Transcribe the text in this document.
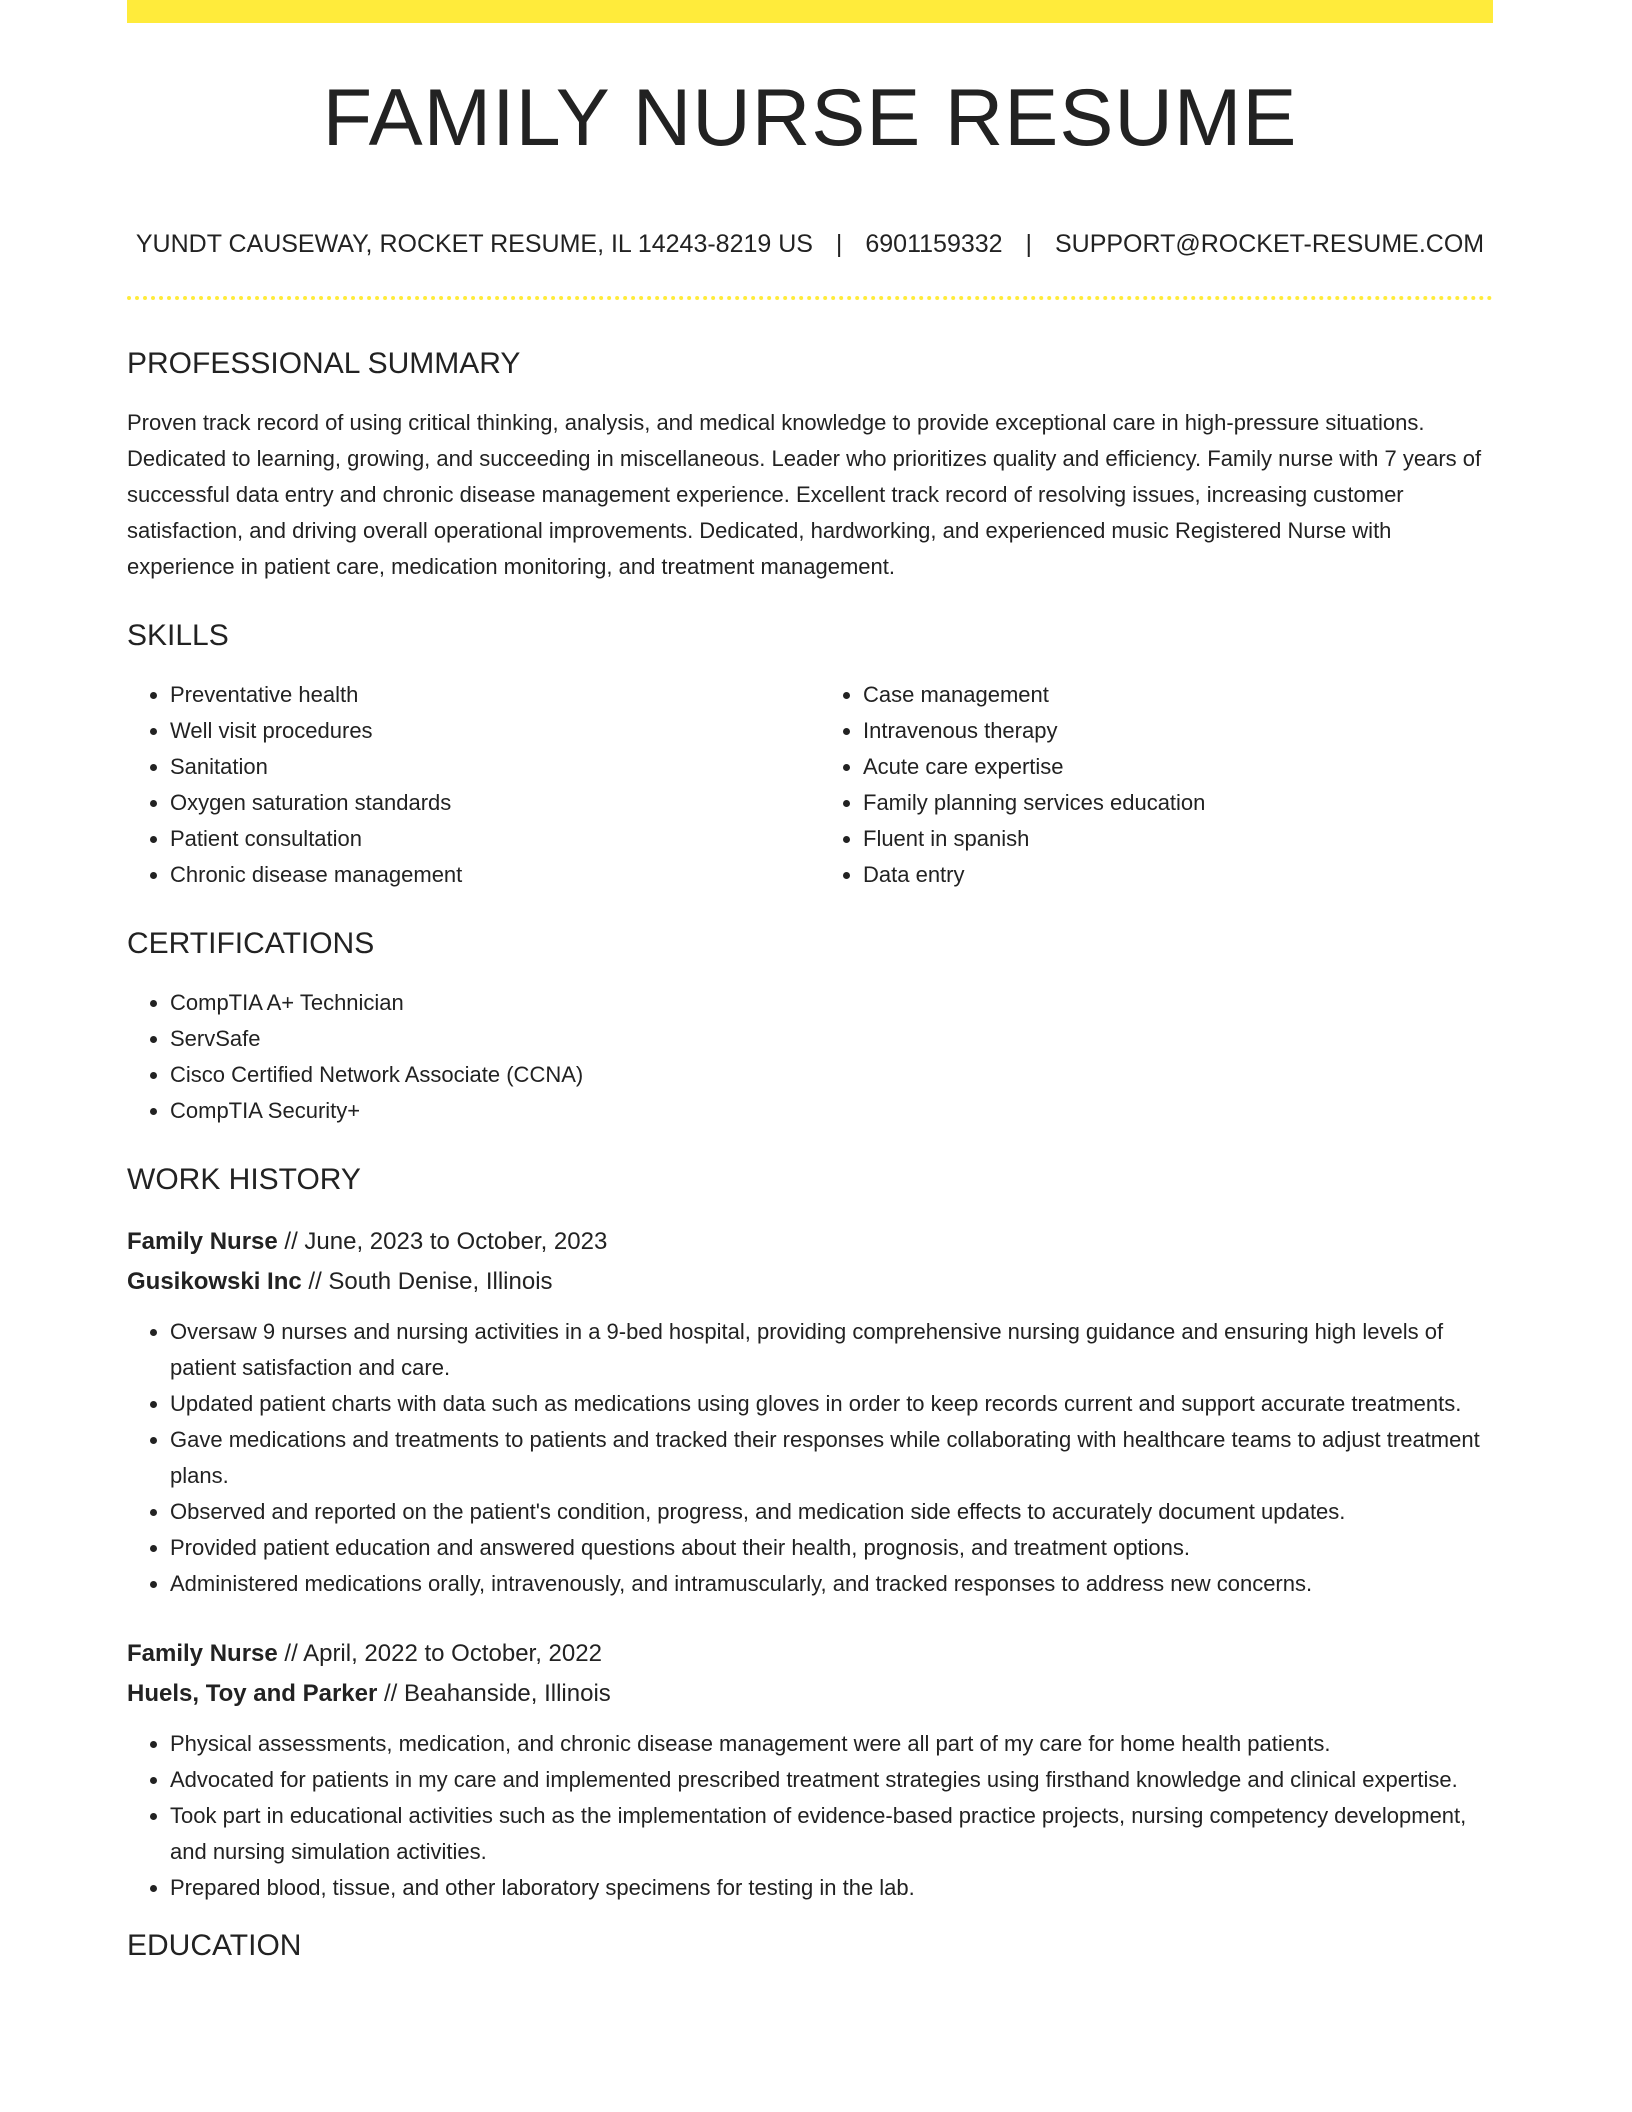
FAMILY NURSE RESUME
YUNDT CAUSEWAY, ROCKET RESUME, IL 14243-8219 US | 6901159332 | SUPPORT@ROCKET-RESUME.COM
PROFESSIONAL SUMMARY

Proven track record of using critical thinking, analysis, and medical knowledge to provide exceptional care in high-pressure situations. Dedicated to learning, growing, and succeeding in miscellaneous. Leader who prioritizes quality and efficiency. Family nurse with 7 years of successful data entry and chronic disease management experience. Excellent track record of resolving issues, increasing customer satisfaction, and driving overall operational improvements. Dedicated, hardworking, and experienced music Registered Nurse with experience in patient care, medication monitoring, and treatment management.

SKILLS
• Preventative health
• Well visit procedures
• Sanitation
• Oxygen saturation standards
• Patient consultation
• Chronic disease management
• Case management
• Intravenous therapy
• Acute care expertise
• Family planning services education
• Fluent in spanish
• Data entry
CERTIFICATIONS
• CompTIA A+ Technician
• ServSafe
• Cisco Certified Network Associate (CCNA)
• CompTIA Security+
WORK HISTORY
Family Nurse // June, 2023 to October, 2023
Gusikowski Inc // South Denise, Illinois
• Oversaw 9 nurses and nursing activities in a 9-bed hospital, providing comprehensive nursing guidance and ensuring high levels of patient satisfaction and care.
• Updated patient charts with data such as medications using gloves in order to keep records current and support accurate treatments.
• Gave medications and treatments to patients and tracked their responses while collaborating with healthcare teams to adjust treatment plans.
• Observed and reported on the patient's condition, progress, and medication side effects to accurately document updates.
• Provided patient education and answered questions about their health, prognosis, and treatment options.
• Administered medications orally, intravenously, and intramuscularly, and tracked responses to address new concerns.
Family Nurse // April, 2022 to October, 2022
Huels, Toy and Parker // Beahanside, Illinois
• Physical assessments, medication, and chronic disease management were all part of my care for home health patients.
• Advocated for patients in my care and implemented prescribed treatment strategies using firsthand knowledge and clinical expertise.
• Took part in educational activities such as the implementation of evidence-based practice projects, nursing competency development, and nursing simulation activities.
• Prepared blood, tissue, and other laboratory specimens for testing in the lab.
EDUCATION
